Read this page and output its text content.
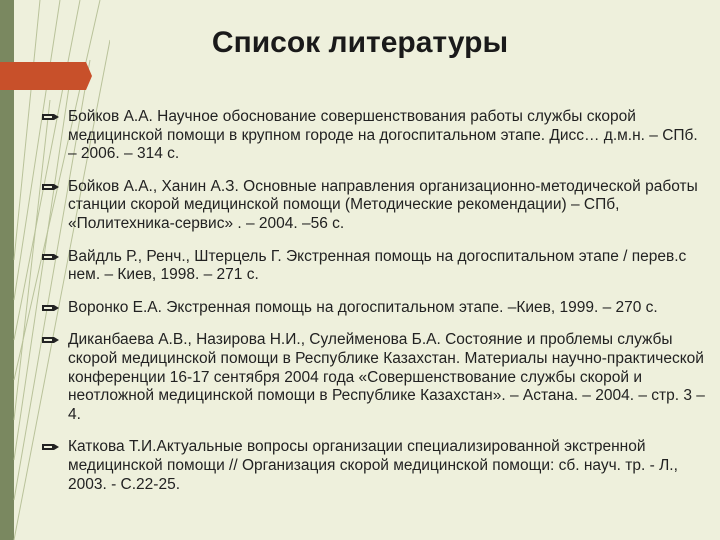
Список литературы
Бойков А.А. Научное обоснование совершенствования работы службы скорой медицинской помощи в крупном городе на догоспитальном этапе. Дисс… д.м.н. – СПб. – 2006. – 314 с.
Бойков А.А., Ханин А.З. Основные направления организационно-методической работы станции скорой медицинской помощи (Методические рекомендации) – СПб, «Политехника-сервис» . – 2004. –56 с.
Вайдль Р., Ренч., Штерцель Г. Экстренная помощь на догоспитальном этапе / перев.с нем. – Киев, 1998. – 271 с.
Воронко Е.А. Экстренная помощь на догоспитальном этапе. –Киев, 1999. – 270 с.
Диканбаева А.В., Назирова Н.И., Сулейменова Б.А. Состояние и проблемы службы скорой медицинской помощи в Республике Казахстан. Материалы научно-практической конференции 16-17 сентября 2004 года «Совершенствование службы скорой и неотложной медицинской помощи в Республике Казахстан». – Астана. – 2004. – стр. 3 – 4.
Каткова Т.И.Актуальные вопросы организации специализированной экстренной медицинской помощи // Организация скорой медицинской помощи: сб. науч. тр. - Л., 2003. - С.22-25.
